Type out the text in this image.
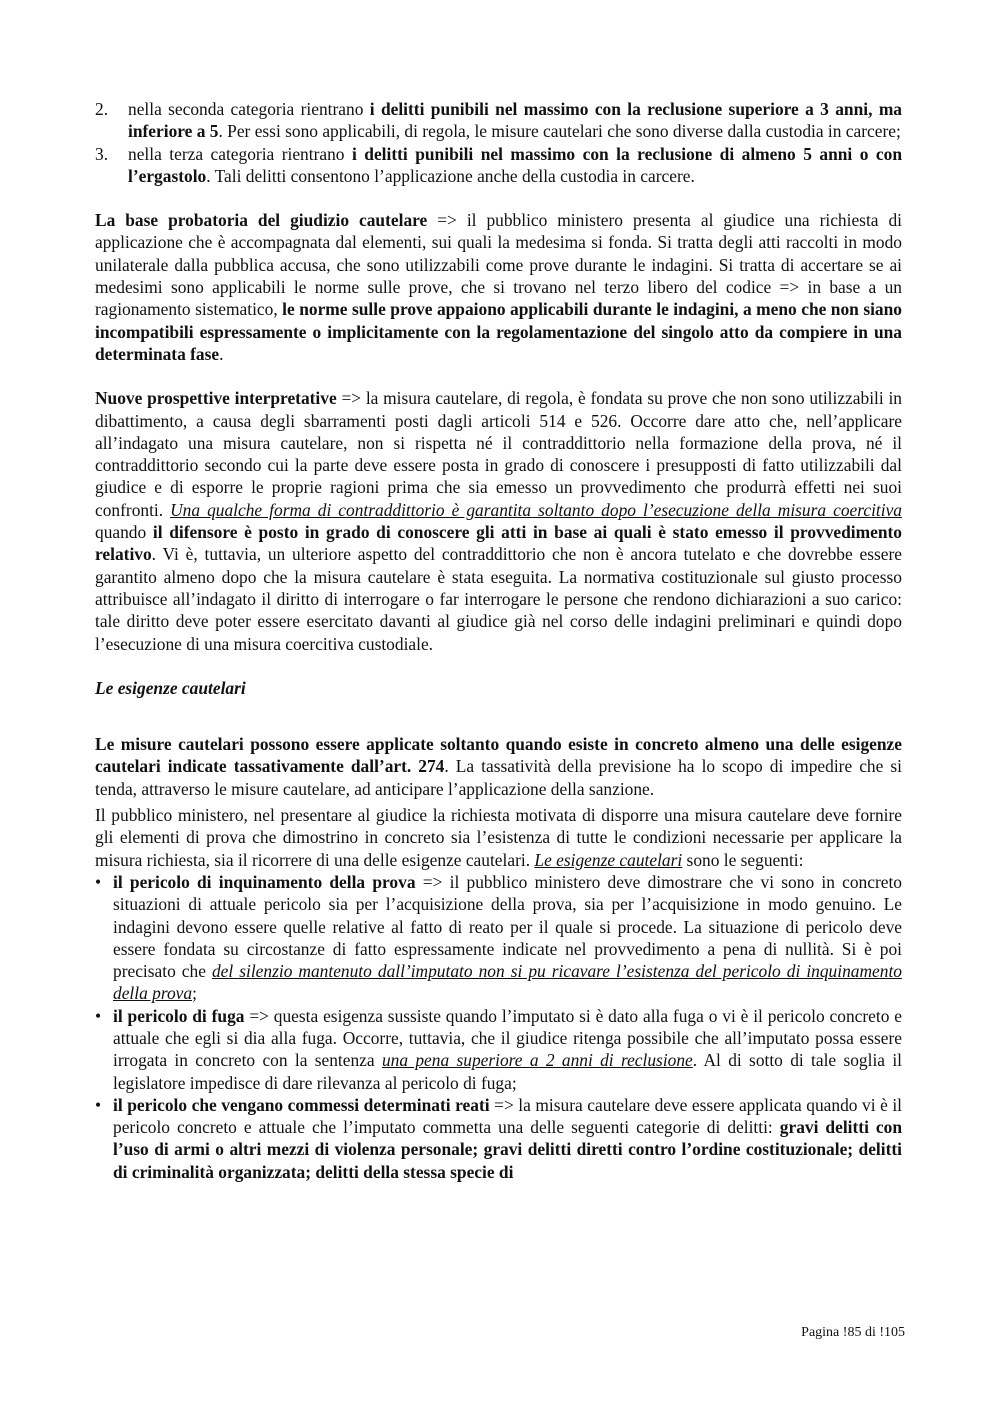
2. nella seconda categoria rientrano i delitti punibili nel massimo con la reclusione superiore a 3 anni, ma inferiore a 5. Per essi sono applicabili, di regola, le misure cautelari che sono diverse dalla custodia in carcere;
3. nella terza categoria rientrano i delitti punibili nel massimo con la reclusione di almeno 5 anni o con l’ergastolo. Tali delitti consentono l’applicazione anche della custodia in carcere.

La base probatoria del giudizio cautelare => il pubblico ministero presenta al giudice una richiesta di applicazione che è accompagnata dal elementi, sui quali la medesima si fonda. Si tratta degli atti raccolti in modo unilaterale dalla pubblica accusa, che sono utilizzabili come prove durante le indagini. Si tratta di accertare se ai medesimi sono applicabili le norme sulle prove, che si trovano nel terzo libero del codice => in base a un ragionamento sistematico, le norme sulle prove appaiono applicabili durante le indagini, a meno che non siano incompatibili espressamente o implicitamente con la regolamentazione del singolo atto da compiere in una determinata fase.

Nuove prospettive interpretative => la misura cautelare, di regola, è fondata su prove che non sono utilizzabili in dibattimento, a causa degli sbarramenti posti dagli articoli 514 e 526. Occorre dare atto che, nell’applicare all’indagato una misura cautelare, non si rispetta né il contraddittorio nella formazione della prova, né il contraddittorio secondo cui la parte deve essere posta in grado di conoscere i presupposti di fatto utilizzabili dal giudice e di esporre le proprie ragioni prima che sia emesso un provvedimento che produrrà effetti nei suoi confronti. Una qualche forma di contraddittorio è garantita soltanto dopo l’esecuzione della misura coercitiva quando il difensore è posto in grado di conoscere gli atti in base ai quali è stato emesso il provvedimento relativo. Vi è, tuttavia, un ulteriore aspetto del contraddittorio che non è ancora tutelato e che dovrebbe essere garantito almeno dopo che la misura cautelare è stata eseguita. La normativa costituzionale sul giusto processo attribuisce all’indagato il diritto di interrogare o far interrogare le persone che rendono dichiarazioni a suo carico: tale diritto deve poter essere esercitato davanti al giudice già nel corso delle indagini preliminari e quindi dopo l’esecuzione di una misura coercitiva custodiale.

Le esigenze cautelari

Le misure cautelari possono essere applicate soltanto quando esiste in concreto almeno una delle esigenze cautelari indicate tassativamente dall’art. 274. La tassatività della previsione ha lo scopo di impedire che si tenda, attraverso le misure cautelare, ad anticipare l’applicazione della sanzione.

Il pubblico ministero, nel presentare al giudice la richiesta motivata di disporre una misura cautelare deve fornire gli elementi di prova che dimostrino in concreto sia l’esistenza di tutte le condizioni necessarie per applicare la misura richiesta, sia il ricorrere di una delle esigenze cautelari. Le esigenze cautelari sono le seguenti:

• il pericolo di inquinamento della prova => il pubblico ministero deve dimostrare che vi sono in concreto situazioni di attuale pericolo sia per l’acquisizione della prova, sia per l’acquisizione in modo genuino. Le indagini devono essere quelle relative al fatto di reato per il quale si procede. La situazione di pericolo deve essere fondata su circostanze di fatto espressamente indicate nel provvedimento a pena di nullità. Si è poi precisato che del silenzio mantenuto dall’imputato non si pu ricavare l’esistenza del pericolo di inquinamento della prova;
• il pericolo di fuga => questa esigenza sussiste quando l’imputato si è dato alla fuga o vi è il pericolo concreto e attuale che egli si dia alla fuga. Occorre, tuttavia, che il giudice ritenga possibile che all’imputato possa essere irrogata in concreto con la sentenza una pena superiore a 2 anni di reclusione. Al di sotto di tale soglia il legislatore impedisce di dare rilevanza al pericolo di fuga;
• il pericolo che vengano commessi determinati reati => la misura cautelare deve essere applicata quando vi è il pericolo concreto e attuale che l’imputato commetta una delle seguenti categorie di delitti: gravi delitti con l’uso di armi o altri mezzi di violenza personale; gravi delitti diretti contro l’ordine costituzionale; delitti di criminalità organizzata; delitti della stessa specie di
Pagina !85 di !105
